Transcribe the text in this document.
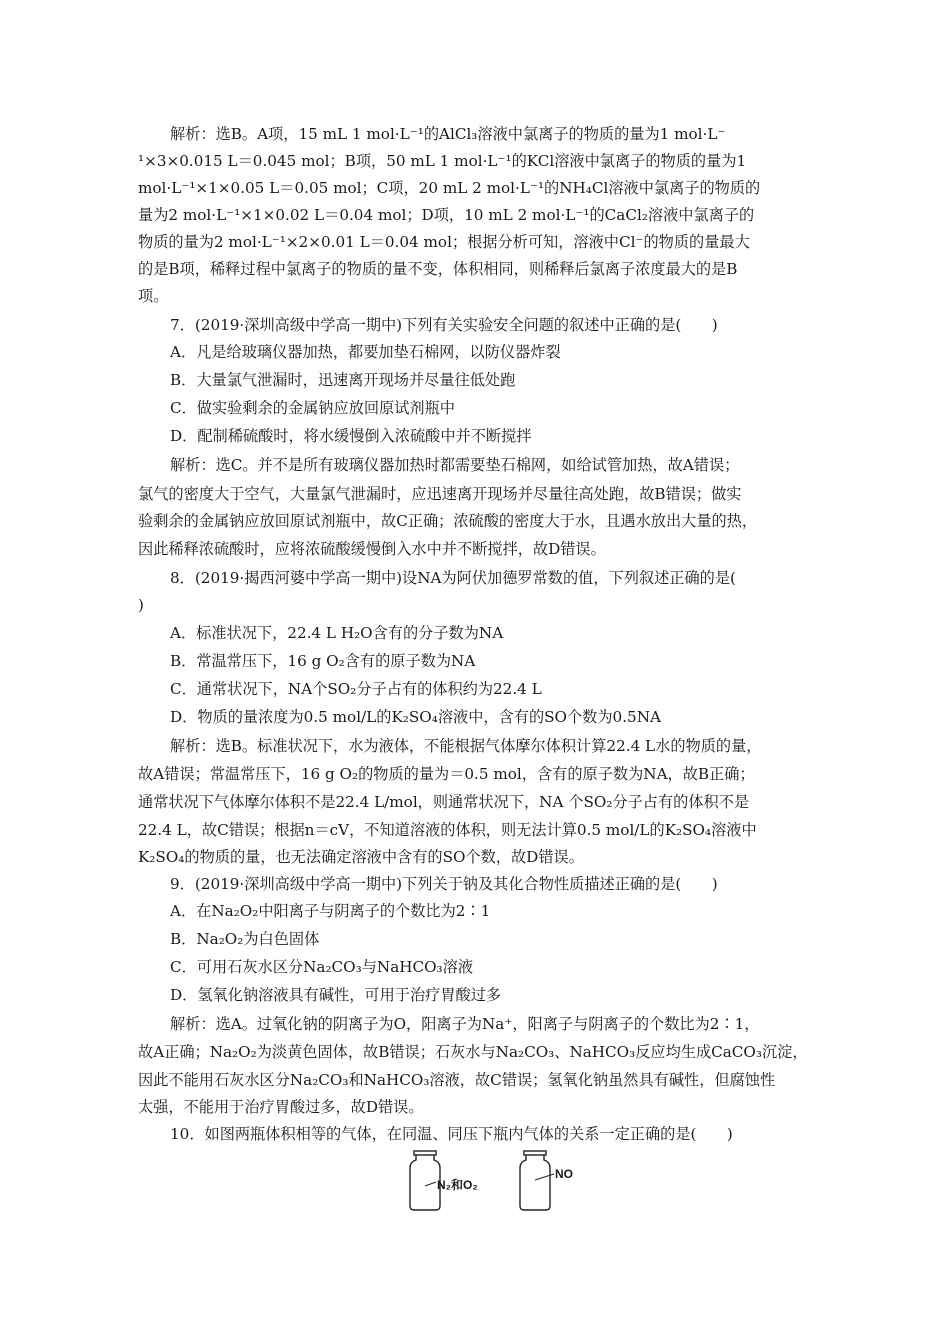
解析：选B。A项，15 mL 1 mol·L⁻¹的AlCl₃溶液中氯离子的物质的量为1 mol·L⁻
¹×3×0.015 L＝0.045 mol；B项，50 mL 1 mol·L⁻¹的KCl溶液中氯离子的物质的量为1
mol·L⁻¹×1×0.05 L＝0.05 mol；C项，20 mL 2 mol·L⁻¹的NH₄Cl溶液中氯离子的物质的
量为2 mol·L⁻¹×1×0.02 L＝0.04 mol；D项，10 mL 2 mol·L⁻¹的CaCl₂溶液中氯离子的
物质的量为2 mol·L⁻¹×2×0.01 L＝0.04 mol；根据分析可知，溶液中Cl⁻的物质的量最大
的是B项，稀释过程中氯离子的物质的量不变，体积相同，则稀释后氯离子浓度最大的是B
项。
7．(2019·深圳高级中学高一期中)下列有关实验安全问题的叙述中正确的是(　　)
A．凡是给玻璃仪器加热，都要加垫石棉网，以防仪器炸裂
B．大量氯气泄漏时，迅速离开现场并尽量往低处跑
C．做实验剩余的金属钠应放回原试剂瓶中
D．配制稀硫酸时，将水缓慢倒入浓硫酸中并不断搅拌
解析：选C。并不是所有玻璃仪器加热时都需要垫石棉网，如给试管加热，故A错误；
氯气的密度大于空气，大量氯气泄漏时，应迅速离开现场并尽量往高处跑，故B错误；做实
验剩余的金属钠应放回原试剂瓶中，故C正确；浓硫酸的密度大于水，且遇水放出大量的热，
因此稀释浓硫酸时，应将浓硫酸缓慢倒入水中并不断搅拌，故D错误。
8．(2019·揭西河婆中学高一期中)设NA为阿伏加德罗常数的值，下列叙述正确的是(
)
A．标准状况下，22.4 L H₂O含有的分子数为NA
B．常温常压下，16 g O₂含有的原子数为NA
C．通常状况下，NA个SO₂分子占有的体积约为22.4 L
D．物质的量浓度为0.5 mol/L的K₂SO₄溶液中，含有的SO个数为0.5NA
解析：选B。标准状况下，水为液体，不能根据气体摩尔体积计算22.4 L水的物质的量，
故A错误；常温常压下，16 g O₂的物质的量为＝0.5 mol，含有的原子数为NA，故B正确；
通常状况下气体摩尔体积不是22.4 L/mol，则通常状况下，NA 个SO₂分子占有的体积不是
22.4 L，故C错误；根据n＝cV，不知道溶液的体积，则无法计算0.5 mol/L的K₂SO₄溶液中
K₂SO₄的物质的量，也无法确定溶液中含有的SO个数，故D错误。
9．(2019·深圳高级中学高一期中)下列关于钠及其化合物性质描述正确的是(　　)
A．在Na₂O₂中阳离子与阴离子的个数比为2∶1
B．Na₂O₂为白色固体
C．可用石灰水区分Na₂CO₃与NaHCO₃溶液
D．氢氧化钠溶液具有碱性，可用于治疗胃酸过多
解析：选A。过氧化钠的阴离子为O，阳离子为Na⁺，阳离子与阴离子的个数比为2∶1，
故A正确；Na₂O₂为淡黄色固体，故B错误；石灰水与Na₂CO₃、NaHCO₃反应均生成CaCO₃沉淀，
因此不能用石灰水区分Na₂CO₃和NaHCO₃溶液，故C错误；氢氧化钠虽然具有碱性，但腐蚀性
太强，不能用于治疗胃酸过多，故D错误。
10．如图两瓶体积相等的气体，在同温、同压下瓶内气体的关系一定正确的是(　　)
N₂和O₂
NO
